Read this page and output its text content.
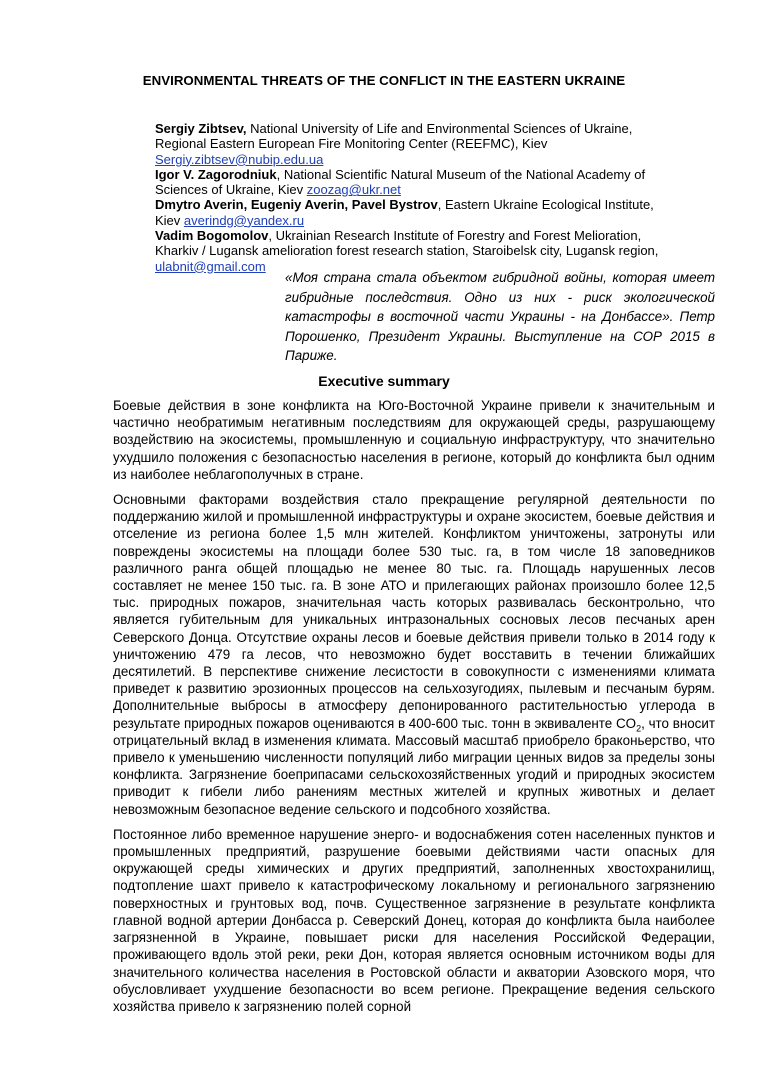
ENVIRONMENTAL THREATS OF THE CONFLICT IN THE EASTERN UKRAINE
Sergiy Zibtsev, National University of Life and Environmental Sciences of Ukraine,
Regional Eastern European Fire Monitoring Center (REEFMC), Kiev
Sergiy.zibtsev@nubip.edu.ua
Igor V. Zagorodniuk, National Scientific Natural Museum of the National Academy of
Sciences of Ukraine, Kiev zoozag@ukr.net
Dmytro Averin, Eugeniy Averin, Pavel Bystrov, Eastern Ukraine Ecological Institute,
Kiev averindg@yandex.ru
Vadim Bogomolov, Ukrainian Research Institute of Forestry and Forest Melioration,
Kharkiv / Lugansk amelioration forest research station, Staroibelsk city, Lugansk region,
ulabnit@gmail.com
«Моя страна стала объектом гибридной войны, которая имеет гибридные последствия. Одно из них - риск экологической катастрофы в восточной части Украины - на Донбассе». Петр Порошенко, Президент Украины. Выступление на СОР 2015 в Париже.
Executive summary

Боевые действия в зоне конфликта на Юго-Восточной Украине привели к значительным и частично необратимым негативным последствиям для окружающей среды, разрушающему воздействию на экосистемы, промышленную и социальную инфраструктуру, что значительно ухудшило положения с безопасностью населения в регионе, который до конфликта был одним из наиболее неблагополучных в стране.

Основными факторами воздействия стало прекращение регулярной деятельности по поддержанию жилой и промышленной инфраструктуры и охране экосистем, боевые действия и отселение из региона более 1,5 млн жителей. Конфликтом уничтожены, затронуты или повреждены экосистемы на площади более 530 тыс. га, в том числе 18 заповедников различного ранга общей площадью не менее 80 тыс. га. Площадь нарушенных лесов составляет не менее 150 тыс. га. В зоне АТО и прилегающих районах произошло более 12,5 тыс. природных пожаров, значительная часть которых развивалась бесконтрольно, что является губительным для уникальных интразональных сосновых лесов песчаных арен Северского Донца. Отсутствие охраны лесов и боевые действия привели только в 2014 году к уничтожению 479 га лесов, что невозможно будет восставить в течении ближайших десятилетий. В перспективе снижение лесистости в совокупности с изменениями климата приведет к развитию эрозионных процессов на сельхозугодиях, пылевым и песчаным бурям. Дополнительные выбросы в атмосферу депонированного растительностью углерода в результате природных пожаров оцениваются в 400-600 тыс. тонн в эквиваленте $CO_2$, что вносит отрицательный вклад в изменения климата. Массовый масштаб приобрело браконьерство, что привело к уменьшению численности популяций либо миграции ценных видов за пределы зоны конфликта. Загрязнение боеприпасами сельскохозяйственных угодий и природных экосистем приводит к гибели либо ранениям местных жителей и крупных животных и делает невозможным безопасное ведение сельского и подсобного хозяйства.

Постоянное либо временное нарушение энерго- и водоснабжения сотен населенных пунктов и промышленных предприятий, разрушение боевыми действиями части опасных для окружающей среды химических и других предприятий, заполненных хвостохранилищ, подтопление шахт привело к катастрофическому локальному и регионального загрязнению поверхностных и грунтовых вод, почв. Существенное загрязнение в результате конфликта главной водной артерии Донбасса р. Северский Донец, которая до конфликта была наиболее загрязненной в Украине, повышает риски для населения Российской Федерации, проживающего вдоль этой реки, реки Дон, которая является основным источником воды для значительного количества населения в Ростовской области и акватории Азовского моря, что обусловливает ухудшение безопасности во всем регионе. Прекращение ведения сельского хозяйства привело к загрязнению полей сорной
